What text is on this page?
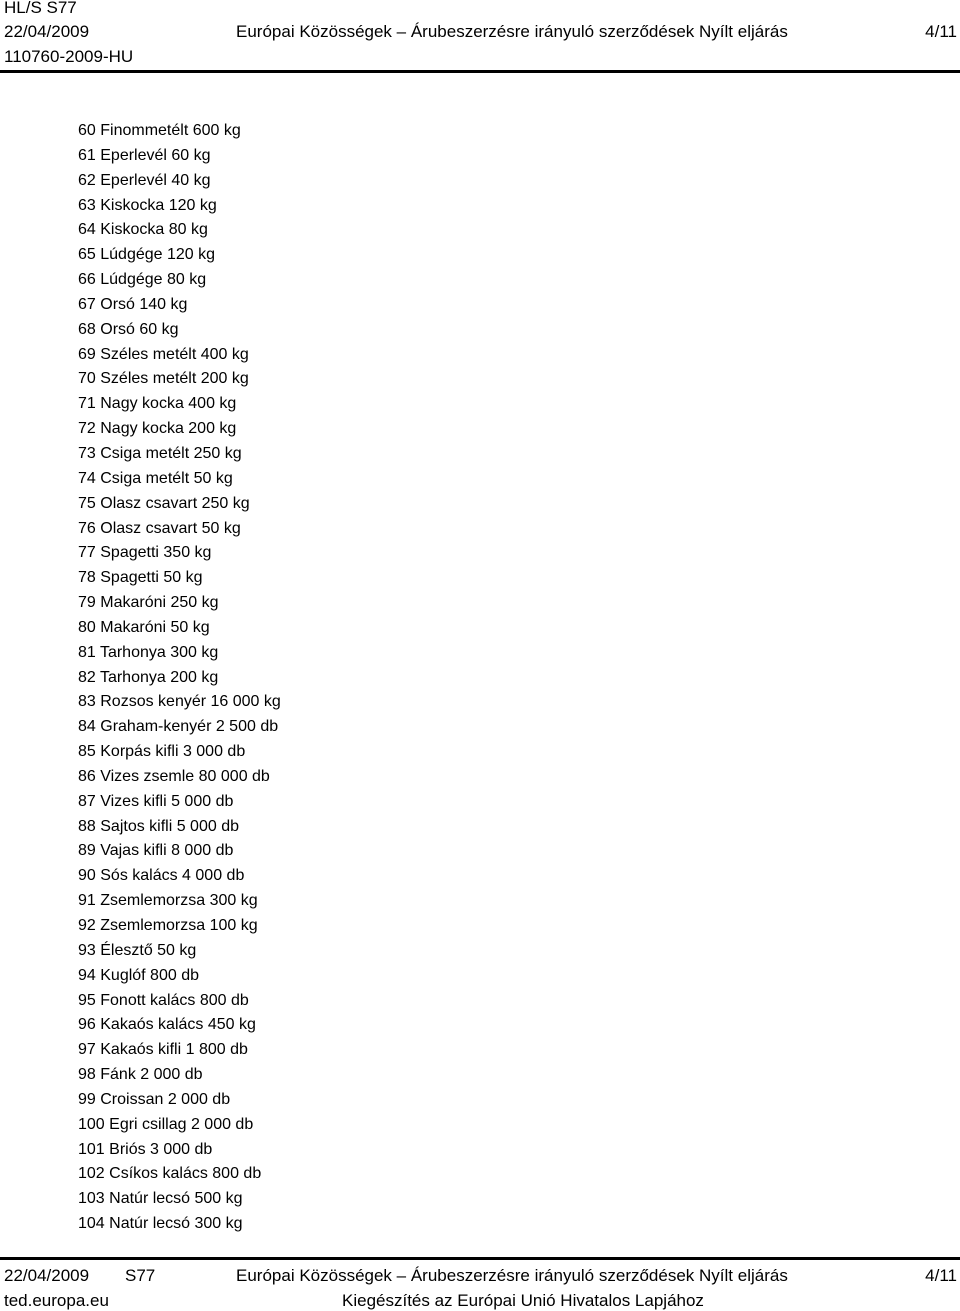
HL/S S77
22/04/2009	Európai Közösségek – Árubeszerzésre irányuló szerződések Nyílt eljárás	4/11
110760-2009-HU
60 Finommetélt 600 kg
61 Eperlevél 60 kg
62 Eperlevél 40 kg
63 Kiskocka 120 kg
64 Kiskocka 80 kg
65 Lúdgége 120 kg
66 Lúdgége 80 kg
67 Orsó 140 kg
68 Orsó 60 kg
69 Széles metélt 400 kg
70 Széles metélt 200 kg
71 Nagy kocka 400 kg
72 Nagy kocka 200 kg
73 Csiga metélt 250 kg
74 Csiga metélt 50 kg
75 Olasz csavart 250 kg
76 Olasz csavart 50 kg
77 Spagetti 350 kg
78 Spagetti 50 kg
79 Makaróni 250 kg
80 Makaróni 50 kg
81 Tarhonya 300 kg
82 Tarhonya 200 kg
83 Rozsos kenyér 16 000 kg
84 Graham-kenyér 2 500 db
85 Korpás kifli 3 000 db
86 Vizes zsemle 80 000 db
87 Vizes kifli 5 000 db
88 Sajtos kifli 5 000 db
89 Vajas kifli 8 000 db
90 Sós kalács 4 000 db
91 Zsemlemorzsa 300 kg
92 Zsemlemorzsa 100 kg
93 Élesztő 50 kg
94 Kuglóf 800 db
95 Fonott kalács 800 db
96 Kakaós kalács 450 kg
97 Kakaós kifli 1 800 db
98 Fánk 2 000 db
99 Croissan 2 000 db
100 Egri csillag 2 000 db
101 Briós 3 000 db
102 Csíkos kalács 800 db
103 Natúr lecsó 500 kg
104 Natúr lecsó 300 kg
22/04/2009 S77	Európai Közösségek – Árubeszerzésre irányuló szerződések Nyílt eljárás	4/11
ted.europa.eu	Kiegészítés az Európai Unió Hivatalos Lapjához
